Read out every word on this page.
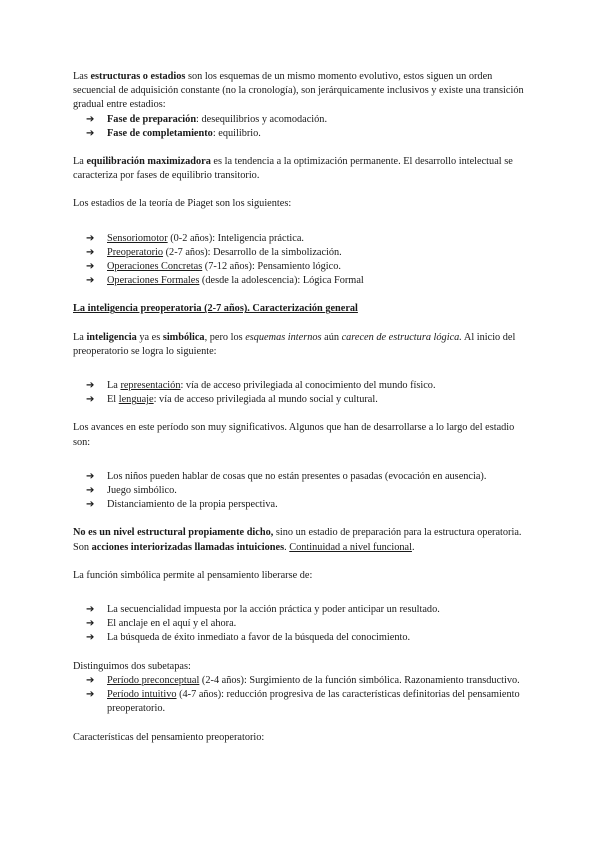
Las estructuras o estadios son los esquemas de un mismo momento evolutivo, estos siguen un orden secuencial de adquisición constante (no la cronología), son jerárquicamente inclusivos y existe una transición gradual entre estadios:

➔ Fase de preparación: desequilibrios y acomodación.
➔ Fase de completamiento: equilibrio.

La equilibración maximizadora es la tendencia a la optimización permanente. El desarrollo intelectual se caracteriza por fases de equilibrio transitorio.

Los estadios de la teoría de Piaget son los siguientes:

➔ Sensoriomotor (0-2 años): Inteligencia práctica.
➔ Preoperatorio (2-7 años): Desarrollo de la simbolización.
➔ Operaciones Concretas (7-12 años): Pensamiento lógico.
➔ Operaciones Formales (desde la adolescencia): Lógica Formal

La inteligencia preoperatoria (2-7 años). Caracterización general

La inteligencia ya es simbólica, pero los esquemas internos aún carecen de estructura lógica. Al inicio del preoperatorio se logra lo siguiente:

➔ La representación: vía de acceso privilegiada al conocimiento del mundo físico.
➔ El lenguaje: vía de acceso privilegiada al mundo social y cultural.

Los avances en este período son muy significativos. Algunos que han de desarrollarse a lo largo del estadio son:

➔ Los niños pueden hablar de cosas que no están presentes o pasadas (evocación en ausencia).
➔ Juego simbólico.
➔ Distanciamiento de la propia perspectiva.

No es un nivel estructural propiamente dicho, sino un estadio de preparación para la estructura operatoria. Son acciones interiorizadas llamadas intuiciones. Continuidad a nivel funcional.

La función simbólica permite al pensamiento liberarse de:

➔ La secuencialidad impuesta por la acción práctica y poder anticipar un resultado.
➔ El anclaje en el aquí y el ahora.
➔ La búsqueda de éxito inmediato a favor de la búsqueda del conocimiento.

Distinguimos dos subetapas:

➔ Período preconceptual (2-4 años): Surgimiento de la función simbólica. Razonamiento transductivo.
➔ Período intuitivo (4-7 años): reducción progresiva de las características definitorias del pensamiento preoperatorio.

Características del pensamiento preoperatorio:
